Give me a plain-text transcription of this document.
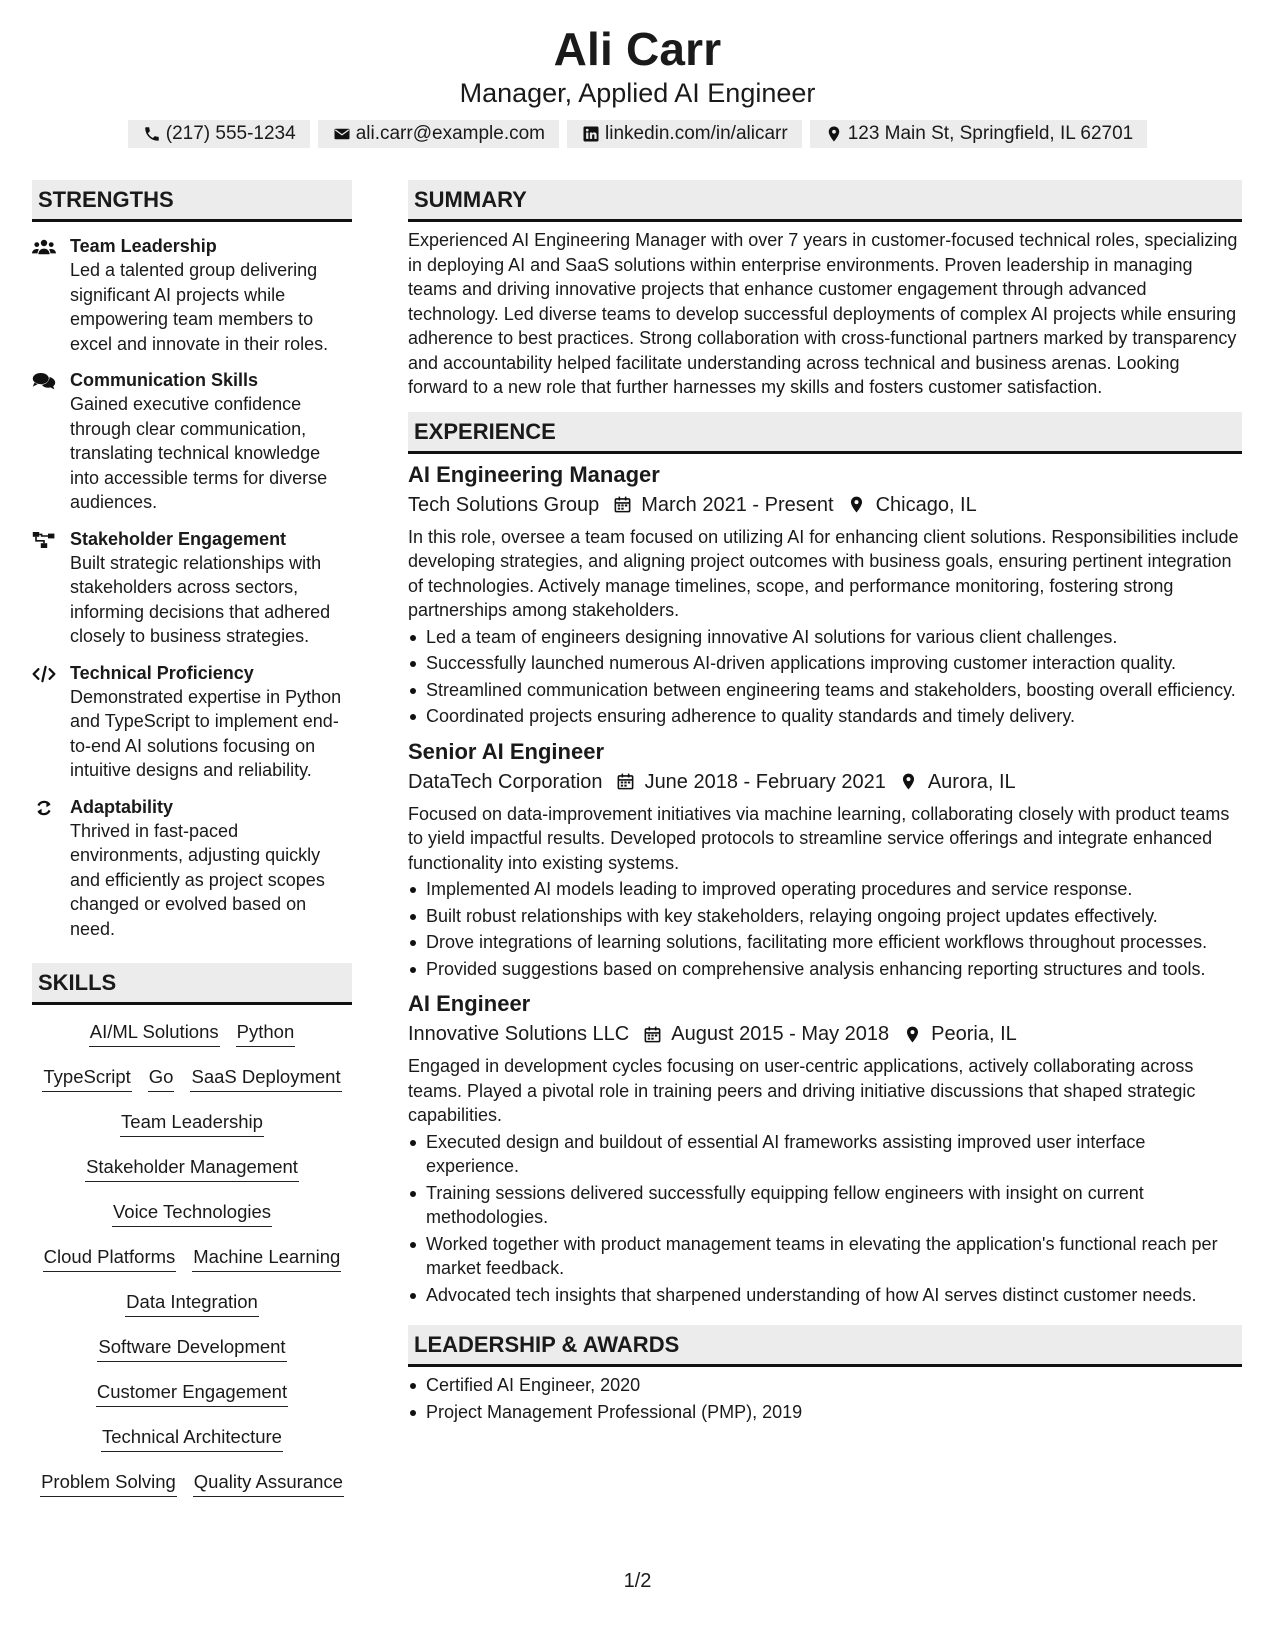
Ali Carr
Manager, Applied AI Engineer
(217) 555-1234	ali.carr@example.com	linkedin.com/in/alicarr	123 Main St, Springfield, IL 62701
STRENGTHS
Team Leadership
Led a talented group delivering significant AI projects while empowering team members to excel and innovate in their roles.
Communication Skills
Gained executive confidence through clear communication, translating technical knowledge into accessible terms for diverse audiences.
Stakeholder Engagement
Built strategic relationships with stakeholders across sectors, informing decisions that adhered closely to business strategies.
Technical Proficiency
Demonstrated expertise in Python and TypeScript to implement end-to-end AI solutions focusing on intuitive designs and reliability.
Adaptability
Thrived in fast-paced environments, adjusting quickly and efficiently as project scopes changed or evolved based on need.
SKILLS
AI/ML Solutions Python
TypeScript Go SaaS Deployment
Team Leadership
Stakeholder Management
Voice Technologies
Cloud Platforms Machine Learning
Data Integration
Software Development
Customer Engagement
Technical Architecture
Problem Solving Quality Assurance
SUMMARY
Experienced AI Engineering Manager with over 7 years in customer-focused technical roles, specializing in deploying AI and SaaS solutions within enterprise environments. Proven leadership in managing teams and driving innovative projects that enhance customer engagement through advanced technology. Led diverse teams to develop successful deployments of complex AI projects while ensuring adherence to best practices. Strong collaboration with cross-functional partners marked by transparency and accountability helped facilitate understanding across technical and business arenas. Looking forward to a new role that further harnesses my skills and fosters customer satisfaction.
EXPERIENCE
AI Engineering Manager
Tech Solutions Group March 2021 - Present Chicago, IL
In this role, oversee a team focused on utilizing AI for enhancing client solutions. Responsibilities include developing strategies, and aligning project outcomes with business goals, ensuring pertinent integration of technologies. Actively manage timelines, scope, and performance monitoring, fostering strong partnerships among stakeholders.
Led a team of engineers designing innovative AI solutions for various client challenges.
Successfully launched numerous AI-driven applications improving customer interaction quality.
Streamlined communication between engineering teams and stakeholders, boosting overall efficiency.
Coordinated projects ensuring adherence to quality standards and timely delivery.
Senior AI Engineer
DataTech Corporation June 2018 - February 2021 Aurora, IL
Focused on data-improvement initiatives via machine learning, collaborating closely with product teams to yield impactful results. Developed protocols to streamline service offerings and integrate enhanced functionality into existing systems.
Implemented AI models leading to improved operating procedures and service response.
Built robust relationships with key stakeholders, relaying ongoing project updates effectively.
Drove integrations of learning solutions, facilitating more efficient workflows throughout processes.
Provided suggestions based on comprehensive analysis enhancing reporting structures and tools.
AI Engineer
Innovative Solutions LLC August 2015 - May 2018 Peoria, IL
Engaged in development cycles focusing on user-centric applications, actively collaborating across teams. Played a pivotal role in training peers and driving initiative discussions that shaped strategic capabilities.
Executed design and buildout of essential AI frameworks assisting improved user interface experience.
Training sessions delivered successfully equipping fellow engineers with insight on current methodologies.
Worked together with product management teams in elevating the application's functional reach per market feedback.
Advocated tech insights that sharpened understanding of how AI serves distinct customer needs.
LEADERSHIP & AWARDS
Certified AI Engineer, 2020
Project Management Professional (PMP), 2019
1/2
